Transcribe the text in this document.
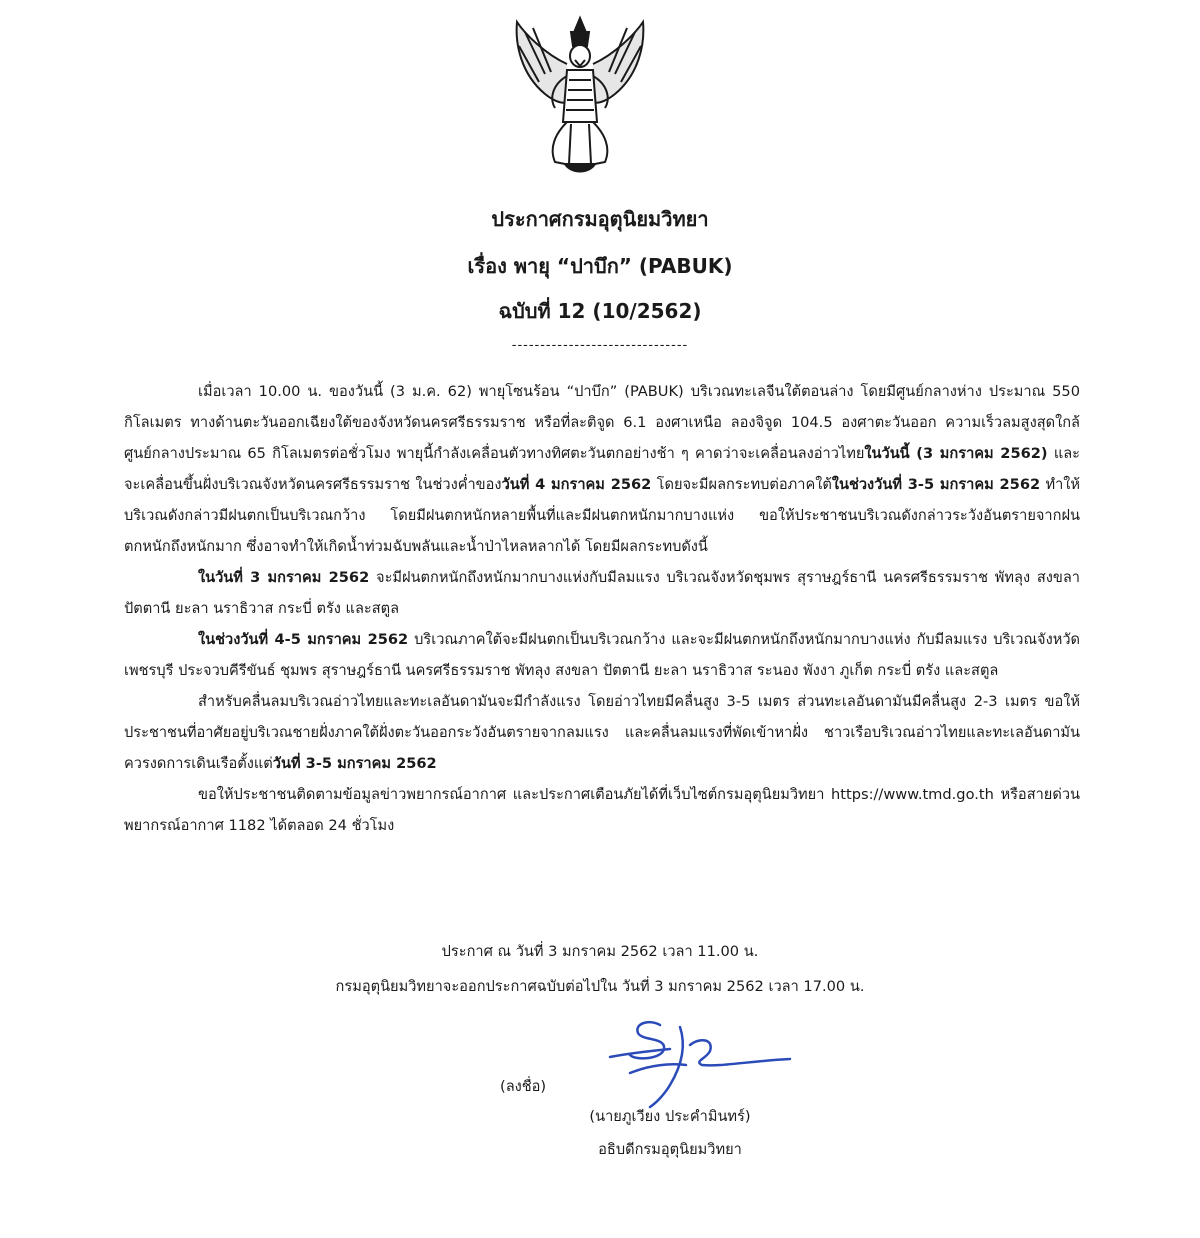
ประกาศกรมอุตุนิยมวิทยา
เรื่อง พายุ “ปาบึก” (PABUK)
ฉบับที่ 12 (10/2562)
-------------------------------

เมื่อเวลา 10.00 น. ของวันนี้ (3 ม.ค. 62) พายุโซนร้อน “ปาบึก” (PABUK) บริเวณทะเลจีนใต้ตอนล่าง โดยมีศูนย์กลางห่าง ประมาณ 550 กิโลเมตร ทางด้านตะวันออกเฉียงใต้ของจังหวัดนครศรีธรรมราช หรือที่ละติจูด 6.1 องศาเหนือ ลองจิจูด 104.5 องศาตะวันออก ความเร็วลมสูงสุดใกล้ศูนย์กลางประมาณ 65 กิโลเมตรต่อชั่วโมง พายุนี้กำลังเคลื่อนตัวทางทิศตะวันตกอย่างช้า ๆ คาดว่าจะเคลื่อนลงอ่าวไทยในวันนี้ (3 มกราคม 2562) และจะเคลื่อนขึ้นฝั่งบริเวณจังหวัดนครศรีธรรมราช ในช่วงค่ำของวันที่ 4 มกราคม 2562 โดยจะมีผลกระทบต่อภาคใต้ในช่วงวันที่ 3-5 มกราคม 2562 ทำให้บริเวณดังกล่าวมีฝนตกเป็นบริเวณกว้าง โดยมีฝนตกหนักหลายพื้นที่และมีฝนตกหนักมากบางแห่ง ขอให้ประชาชนบริเวณดังกล่าวระวังอันตรายจากฝนตกหนักถึงหนักมาก ซึ่งอาจทำให้เกิดน้ำท่วมฉับพลันและน้ำป่าไหลหลากได้ โดยมีผลกระทบดังนี้

ในวันที่ 3 มกราคม 2562 จะมีฝนตกหนักถึงหนักมากบางแห่งกับมีลมแรง บริเวณจังหวัดชุมพร สุราษฎร์ธานี นครศรีธรรมราช พัทลุง สงขลา ปัตตานี ยะลา นราธิวาส กระบี่ ตรัง และสตูล

ในช่วงวันที่ 4-5 มกราคม 2562 บริเวณภาคใต้จะมีฝนตกเป็นบริเวณกว้าง และจะมีฝนตกหนักถึงหนักมากบางแห่ง กับมีลมแรง บริเวณจังหวัดเพชรบุรี ประจวบคีรีขันธ์ ชุมพร สุราษฎร์ธานี นครศรีธรรมราช พัทลุง สงขลา ปัตตานี ยะลา นราธิวาส ระนอง พังงา ภูเก็ต กระบี่ ตรัง และสตูล

สำหรับคลื่นลมบริเวณอ่าวไทยและทะเลอันดามันจะมีกำลังแรง โดยอ่าวไทยมีคลื่นสูง 3-5 เมตร ส่วนทะเลอันดามันมีคลื่นสูง 2-3 เมตร ขอให้ประชาชนที่อาศัยอยู่บริเวณชายฝั่งภาคใต้ฝั่งตะวันออกระวังอันตรายจากลมแรง และคลื่นลมแรงที่พัดเข้าหาฝั่ง ชาวเรือบริเวณอ่าวไทยและทะเลอันดามันควรงดการเดินเรือตั้งแต่วันที่ 3-5 มกราคม 2562

ขอให้ประชาชนติดตามข้อมูลข่าวพยากรณ์อากาศ และประกาศเตือนภัยได้ที่เว็บไซต์กรมอุตุนิยมวิทยา https://www.tmd.go.th หรือสายด่วนพยากรณ์อากาศ 1182 ได้ตลอด 24 ชั่วโมง

ประกาศ ณ วันที่ 3 มกราคม 2562 เวลา 11.00 น.
กรมอุตุนิยมวิทยาจะออกประกาศฉบับต่อไปใน วันที่ 3 มกราคม 2562 เวลา 17.00 น.
(ลงชื่อ)
(นายภูเวียง ประคำมินทร์)
อธิบดีกรมอุตุนิยมวิทยา
